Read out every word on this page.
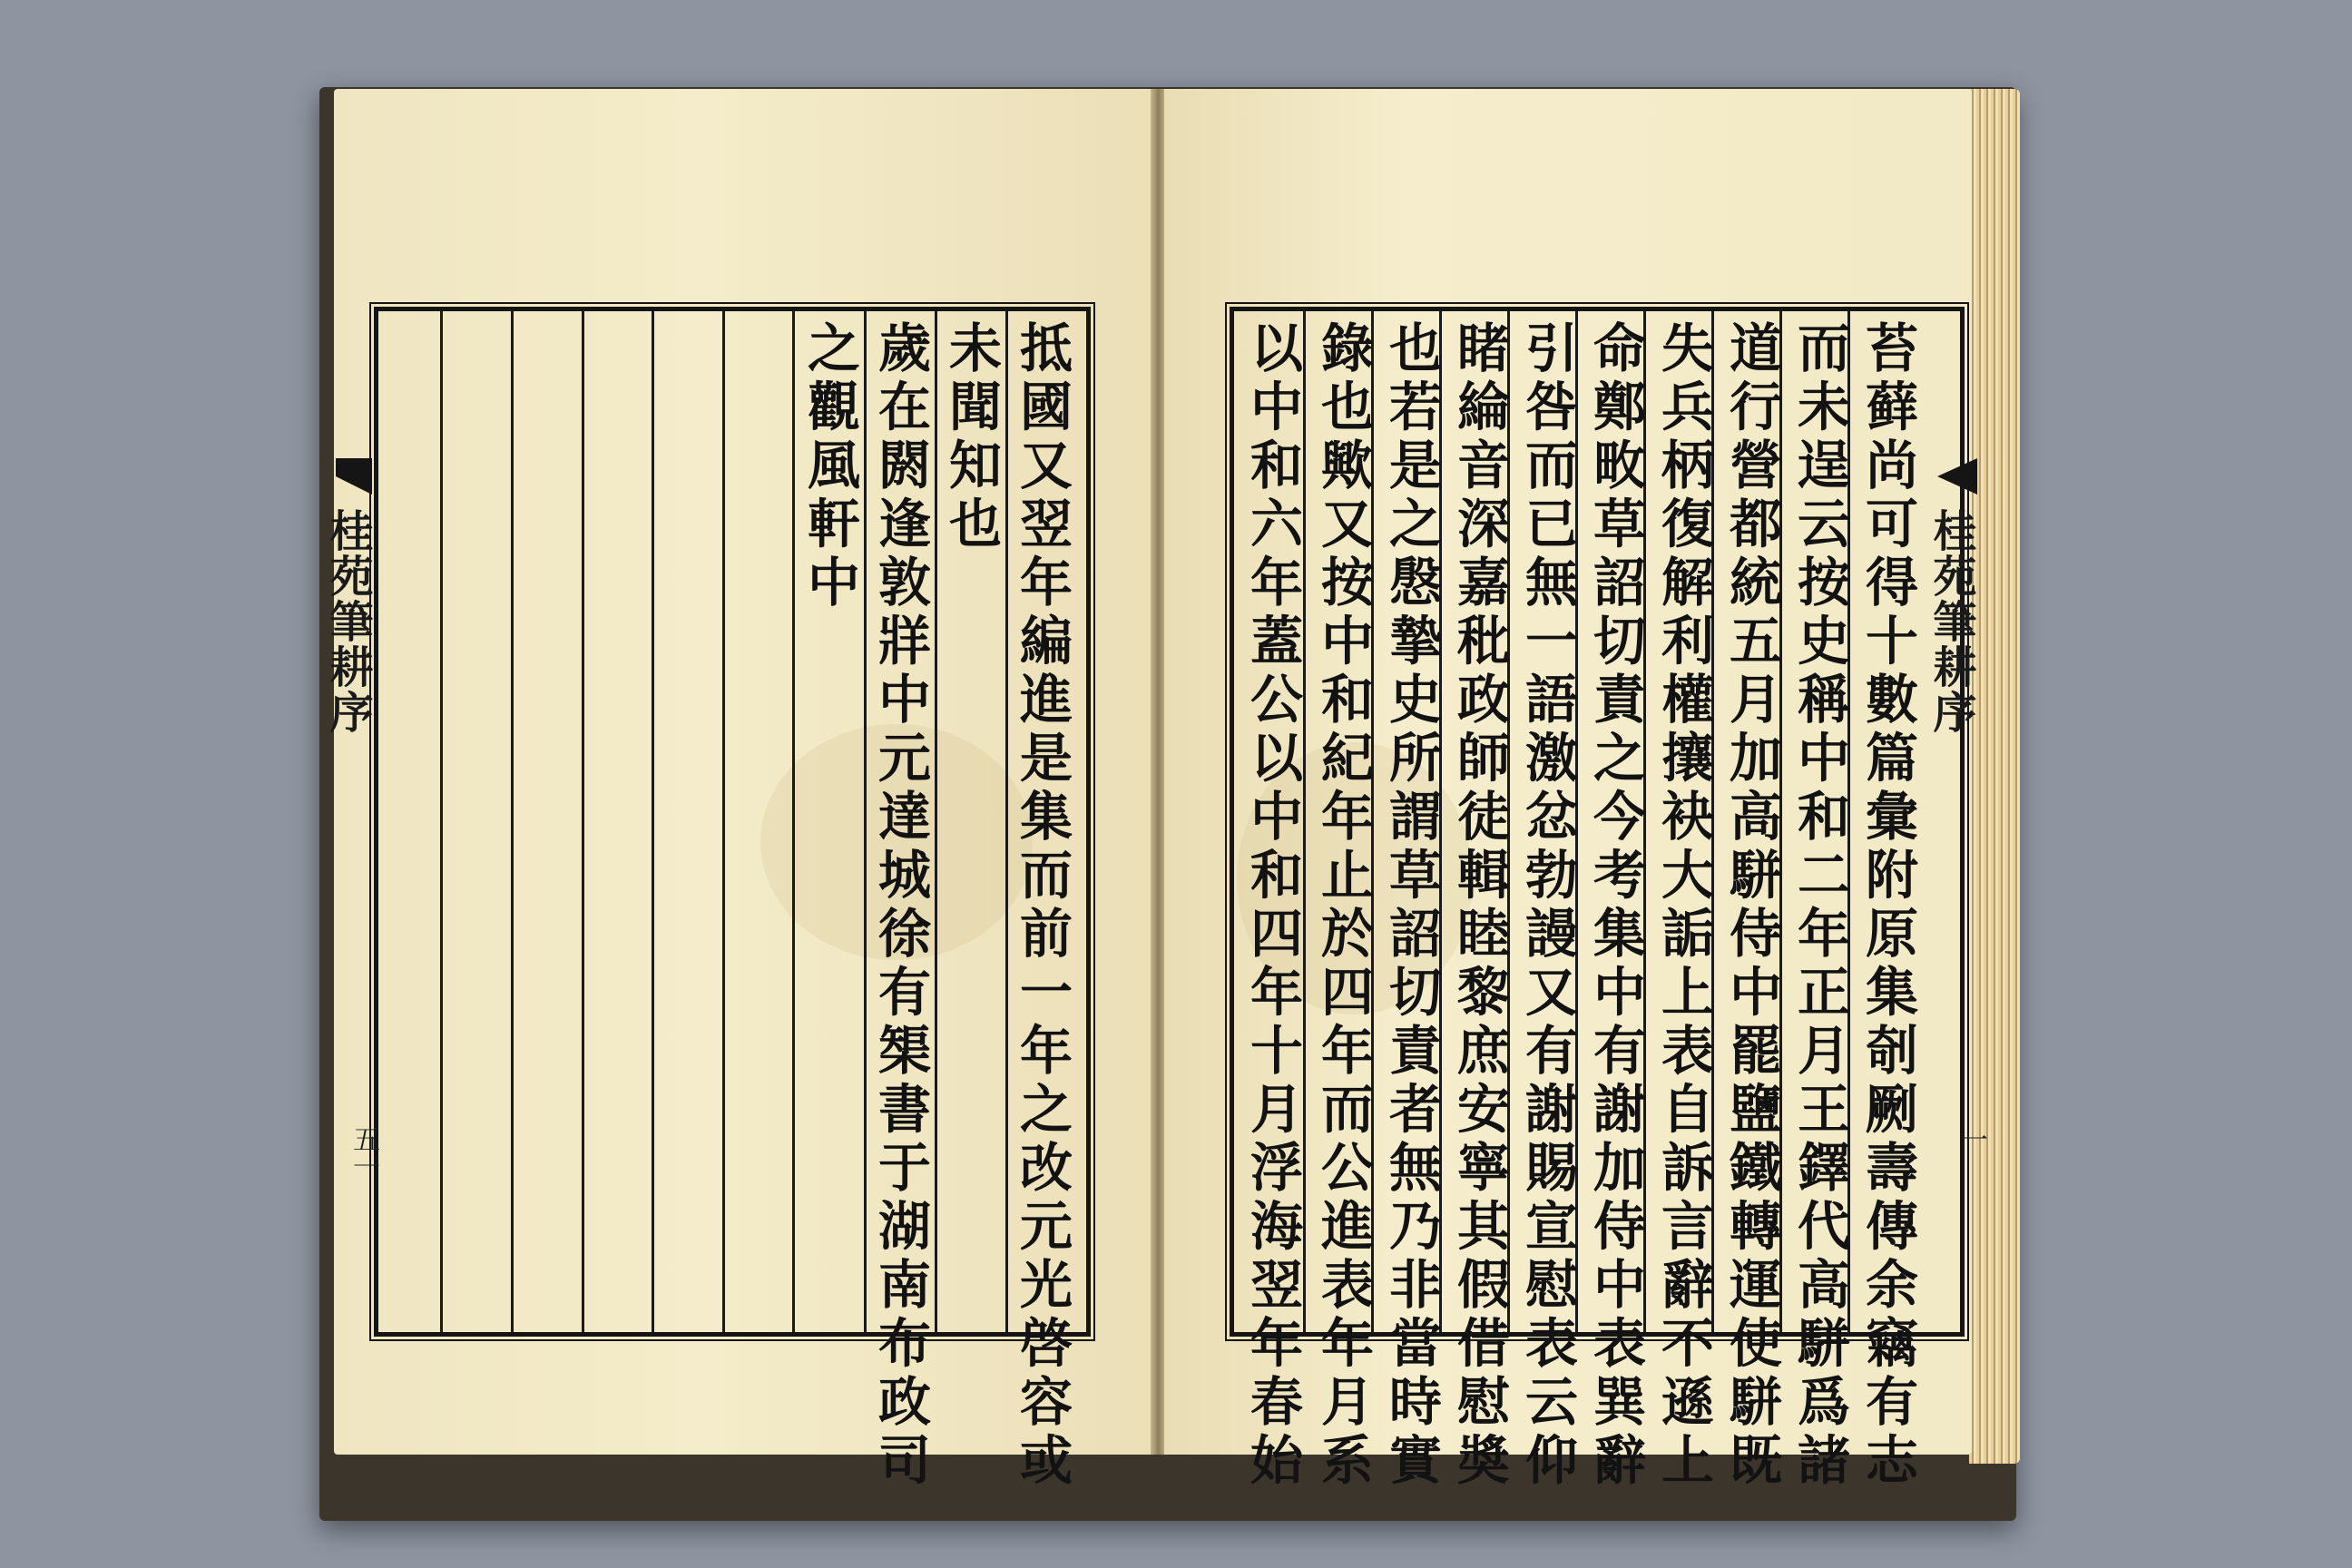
抵國又翌年編進是集而前一年之改元光啓容或
未聞知也
歲在閼逢敦牂中元達城徐有榘書于湖南布政司
之觀風軒中
桂苑筆耕序
五一	苔藓尚可得十數篇彙附原集剞劂壽傳余竊有志
而未逞云按史稱中和二年正月王鐸代高駢爲諸
道行營都統五月加高駢侍中罷鹽鐵轉運使駢既
失兵柄復解利權攘袂大詬上表自訴言辭不遜上
命鄭畋草詔切責之今考集中有謝加侍中表巽辭
引咎而已無一語激忿勃謾又有謝賜宣慰表云仰
睹綸音深嘉秕政師徒輯睦黎庶安寧其假借慰奬
也若是之慇摯史所謂草詔切責者無乃非當時實
錄也歟又按中和紀年止於四年而公進表年月系
以中和六年蓋公以中和四年十月浮海翌年春始	桂苑筆耕序
一
